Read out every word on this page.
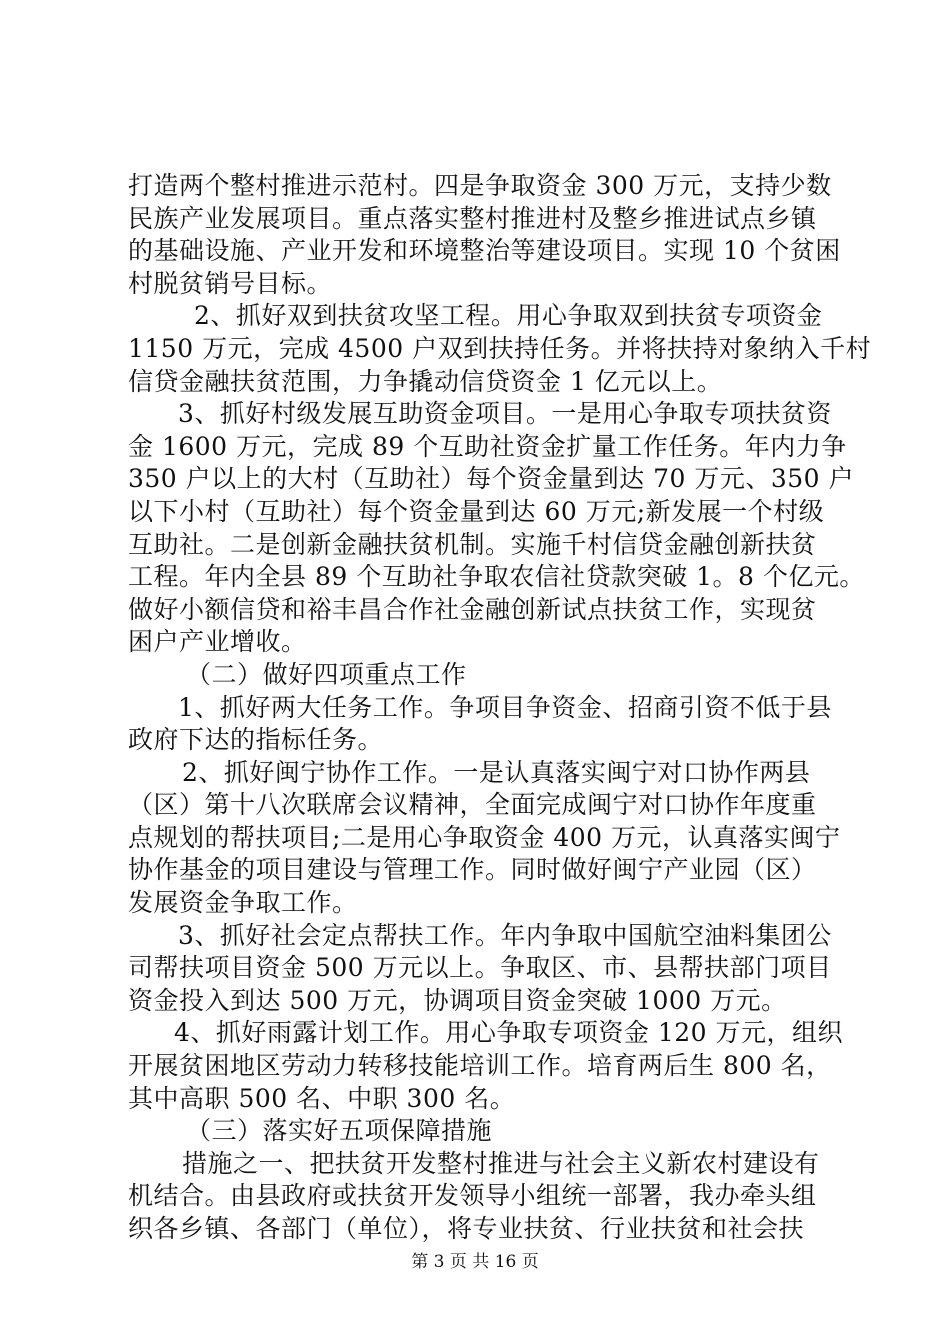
打造两个整村推进示范村。四是争取资金 300 万元，支持少数
民族产业发展项目。重点落实整村推进村及整乡推进试点乡镇
的基础设施、产业开发和环境整治等建设项目。实现 10 个贫困
村脱贫销号目标。
2、抓好双到扶贫攻坚工程。用心争取双到扶贫专项资金
1150 万元，完成 4500 户双到扶持任务。并将扶持对象纳入千村
信贷金融扶贫范围，力争撬动信贷资金 1 亿元以上。
3、抓好村级发展互助资金项目。一是用心争取专项扶贫资
金 1600 万元，完成 89 个互助社资金扩量工作任务。年内力争
350 户以上的大村（互助社）每个资金量到达 70 万元、350 户
以下小村（互助社）每个资金量到达 60 万元;新发展一个村级
互助社。二是创新金融扶贫机制。实施千村信贷金融创新扶贫
工程。年内全县 89 个互助社争取农信社贷款突破 1。8 个亿元。
做好小额信贷和裕丰昌合作社金融创新试点扶贫工作，实现贫
困户产业增收。
（二）做好四项重点工作
1、抓好两大任务工作。争项目争资金、招商引资不低于县
政府下达的指标任务。
2、抓好闽宁协作工作。一是认真落实闽宁对口协作两县
（区）第十八次联席会议精神，全面完成闽宁对口协作年度重
点规划的帮扶项目;二是用心争取资金 400 万元，认真落实闽宁
协作基金的项目建设与管理工作。同时做好闽宁产业园（区）
发展资金争取工作。
3、抓好社会定点帮扶工作。年内争取中国航空油料集团公
司帮扶项目资金 500 万元以上。争取区、市、县帮扶部门项目
资金投入到达 500 万元，协调项目资金突破 1000 万元。
4、抓好雨露计划工作。用心争取专项资金 120 万元，组织
开展贫困地区劳动力转移技能培训工作。培育两后生 800 名，
其中高职 500 名、中职 300 名。
（三）落实好五项保障措施
措施之一、把扶贫开发整村推进与社会主义新农村建设有
机结合。由县政府或扶贫开发领导小组统一部署，我办牵头组
织各乡镇、各部门（单位），将专业扶贫、行业扶贫和社会扶
第 3 页 共 16 页
